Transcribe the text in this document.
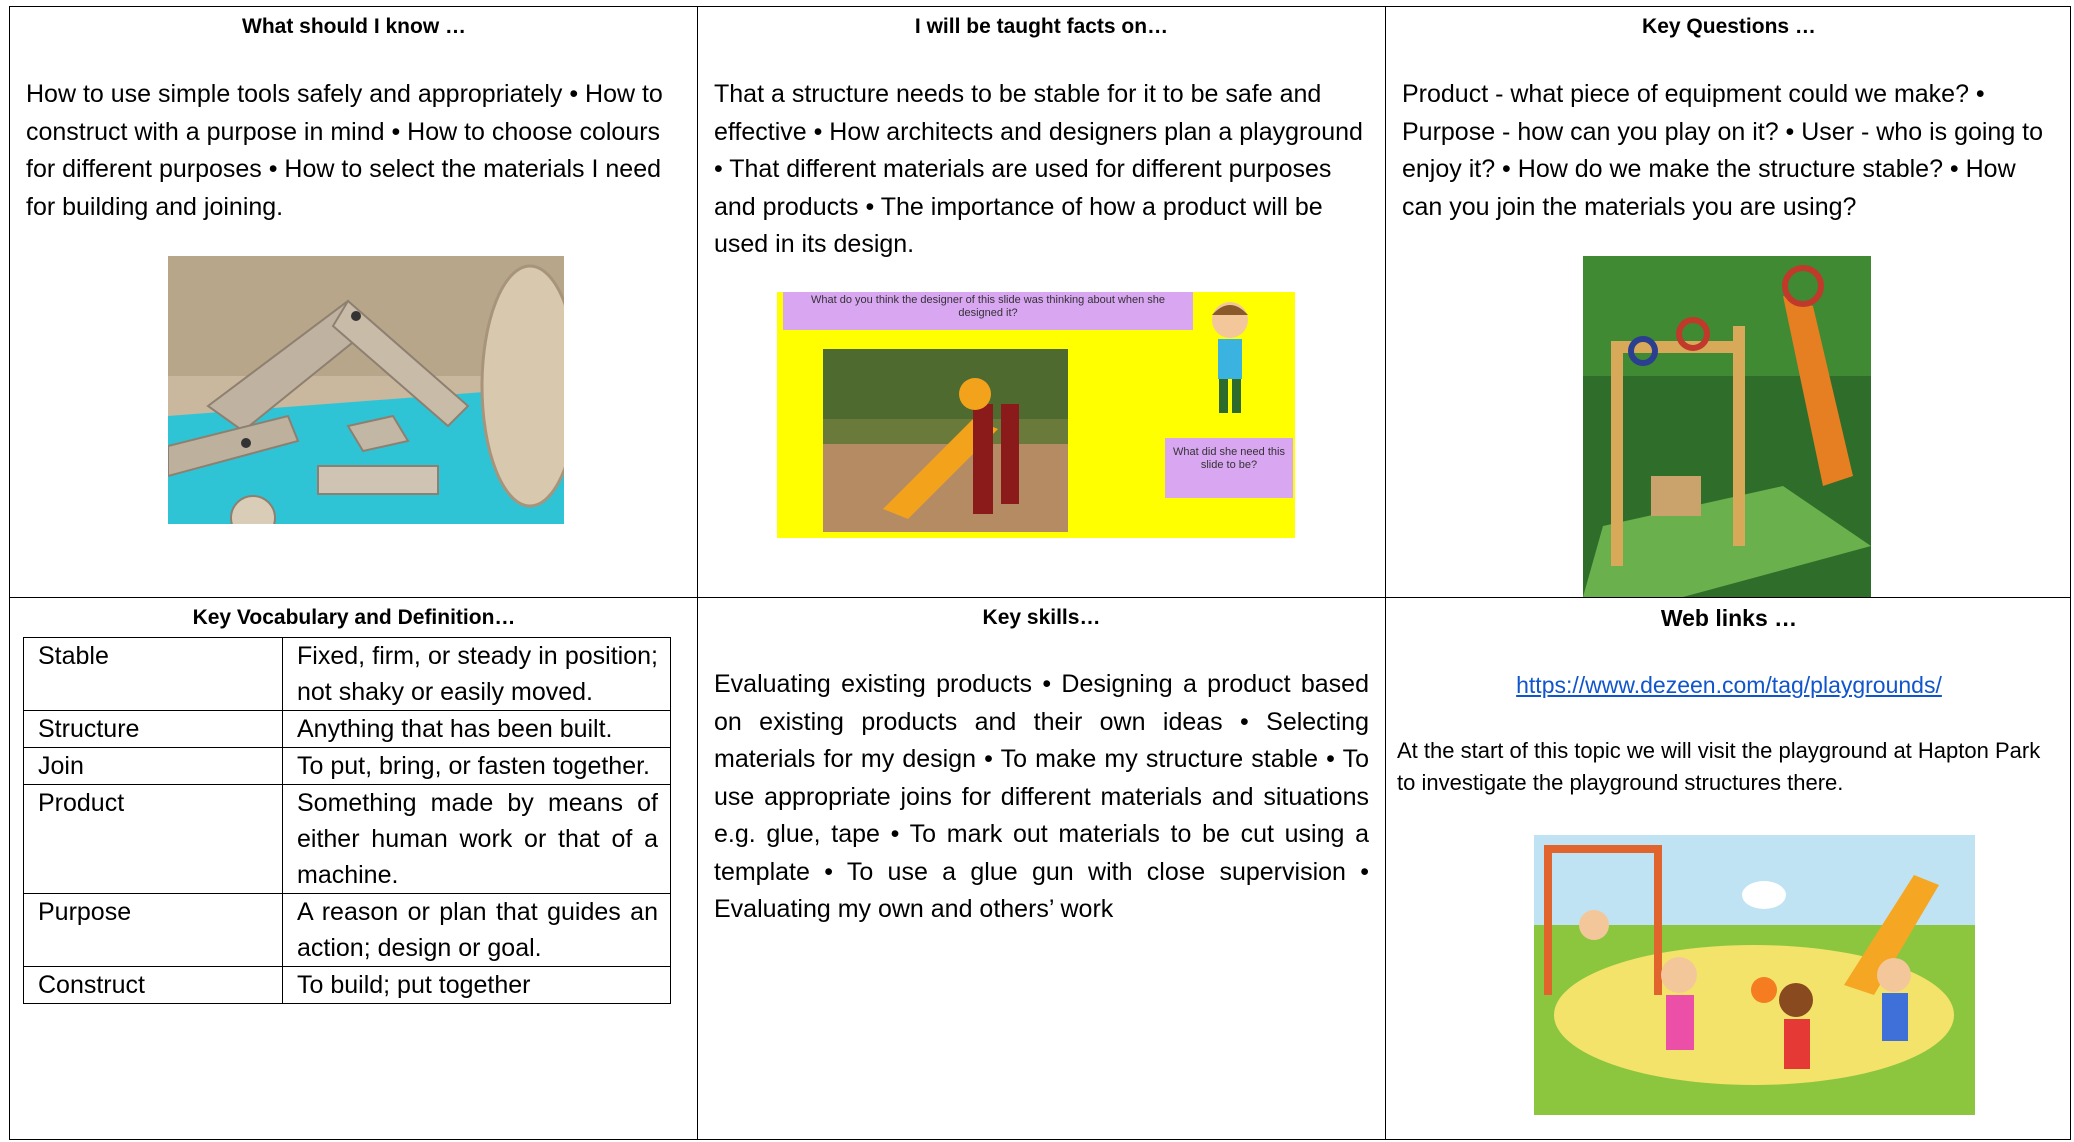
What should I know …
How to use simple tools safely and appropriately • How to construct with a purpose in mind • How to choose colours for different purposes • How to select the materials I need for building and joining.
I will be taught facts on…
That a structure needs to be stable for it to be safe and effective • How architects and designers plan a playground • That different materials are used for different purposes and products • The importance of how a product will be used in its design.
What do you think the designer of this slide was thinking about when she designed it?
What did she need this slide to be?
Key Questions …
Product - what piece of equipment could we make? • Purpose - how can you play on it? • User - who is going to enjoy it? • How do we make the structure stable? • How can you join the materials you are using?
Key Vocabulary and Definition…
Stable	Fixed, firm, or steady in position; not shaky or easily moved.
Structure	Anything that has been built.
Join	To put, bring, or fasten together.
Product	Something made by means of either human work or that of a machine.
Purpose	A reason or plan that guides an action; design or goal.
Construct	To build; put together
Key skills…
Evaluating existing products • Designing a product based on existing products and their own ideas • Selecting materials for my design • To make my structure stable • To use appropriate joins for different materials and situations e.g. glue, tape • To mark out materials to be cut using a template • To use a glue gun with close supervision • Evaluating my own and others’ work
Web links …
https://www.dezeen.com/tag/playgrounds/
At the start of this topic we will visit the playground at Hapton Park to investigate the playground structures there.
